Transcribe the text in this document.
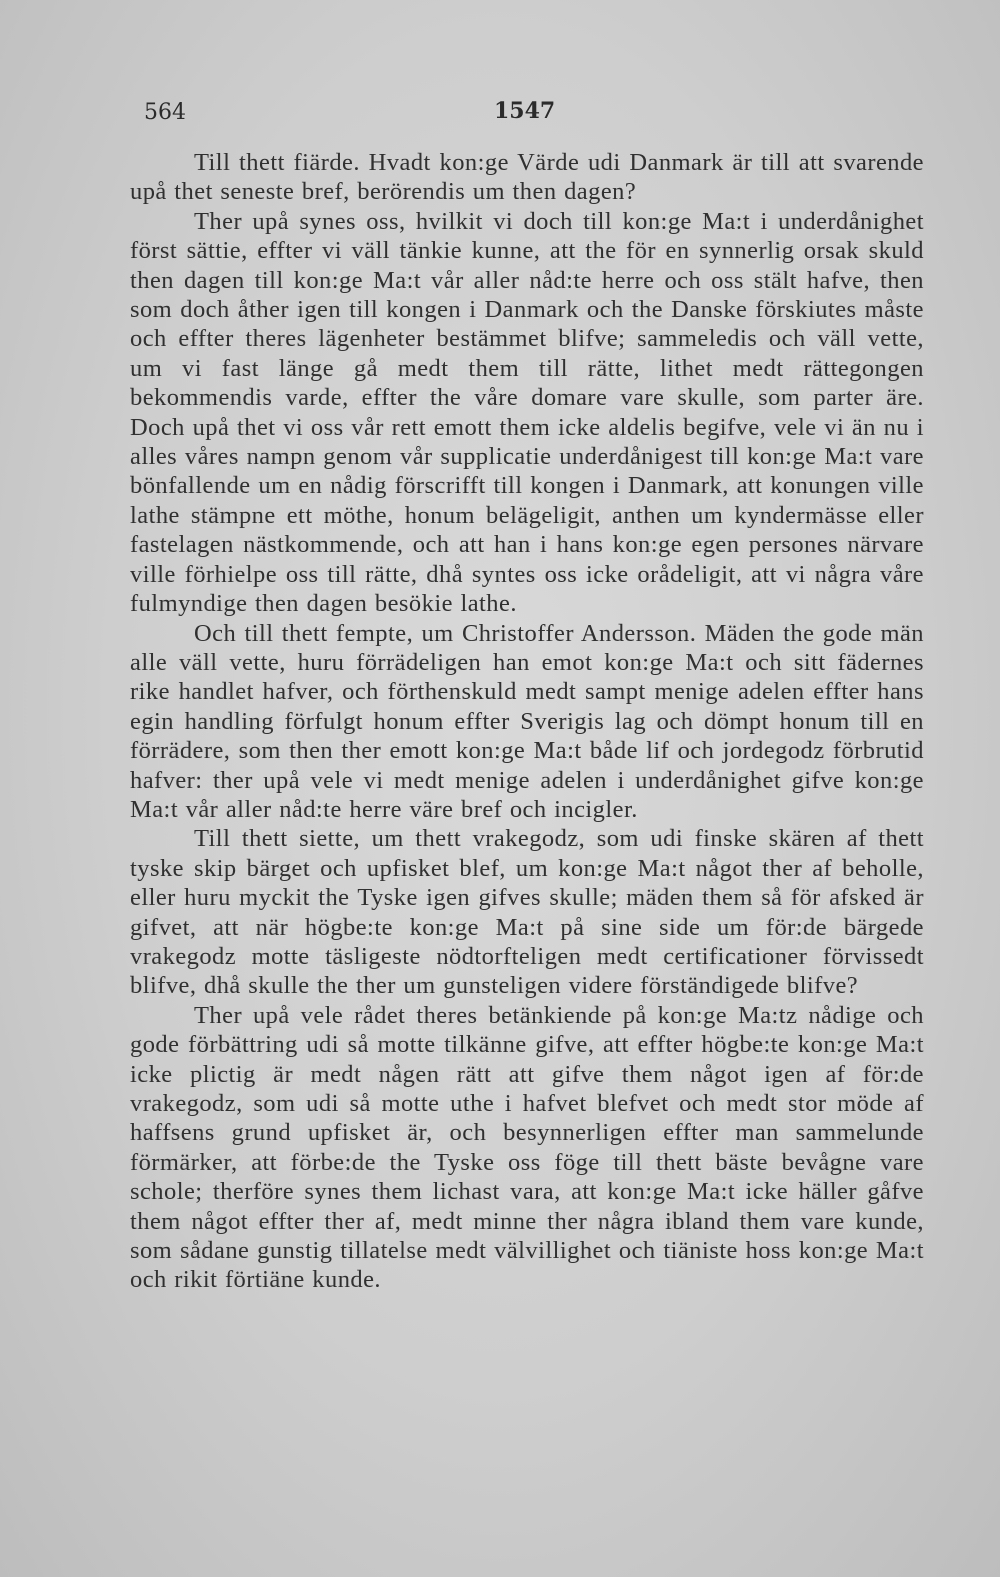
564	1547

Till thett fiärde. Hvadt kon:ge Värde udi Danmark är till att svarende upå thet seneste bref, berörendis um then dagen?

Ther upå synes oss, hvilkit vi doch till kon:ge Ma:t i underdånighet först sättie, effter vi väll tänkie kunne, att the för en synnerlig orsak skuld then dagen till kon:ge Ma:t vår aller nåd:te herre och oss stält hafve, then som doch åther igen till kongen i Danmark och the Danske förskiutes måste och effter theres lägenheter bestämmet blifve; sammeledis och väll vette, um vi fast länge gå medt them till rätte, lithet medt rättegongen bekommendis varde, effter the våre domare vare skulle, som parter äre. Doch upå thet vi oss vår rett emott them icke aldelis begifve, vele vi än nu i alles våres nampn genom vår supplicatie underdånigest till kon:ge Ma:t vare bönfallende um en nådig förscrifft till kongen i Danmark, att konungen ville lathe stämpne ett möthe, honum belägeligit, anthen um kyndermässe eller fastelagen nästkommende, och att han i hans kon:ge egen persones närvare ville förhielpe oss till rätte, dhå syntes oss icke orådeligit, att vi några våre fulmyndige then dagen besökie lathe.

Och till thett fempte, um Christoffer Andersson. Mäden the gode män alle väll vette, huru förrädeligen han emot kon:ge Ma:t och sitt fädernes rike handlet hafver, och förthenskuld medt sampt menige adelen effter hans egin handling förfulgt honum effter Sverigis lag och dömpt honum till en förrädere, som then ther emott kon:ge Ma:t både lif och jordegodz förbrutid hafver: ther upå vele vi medt menige adelen i underdånighet gifve kon:ge Ma:t vår aller nåd:te herre väre bref och incigler.

Till thett siette, um thett vrakegodz, som udi finske skären af thett tyske skip bärget och upfisket blef, um kon:ge Ma:t något ther af beholle, eller huru myckit the Tyske igen gifves skulle; mäden them så för afsked är gifvet, att när högbe:te kon:ge Ma:t på sine side um för:de bärgede vrakegodz motte täsligeste nödtorfteligen medt certificationer förvissedt blifve, dhå skulle the ther um gunsteligen videre förständigede blifve?

Ther upå vele rådet theres betänkiende på kon:ge Ma:tz nådige och gode förbättring udi så motte tilkänne gifve, att effter högbe:te kon:ge Ma:t icke plictig är medt någen rätt att gifve them något igen af för:de vrakegodz, som udi så motte uthe i hafvet blefvet och medt stor möde af haffsens grund upfisket är, och besynnerligen effter man sammelunde förmärker, att förbe:de the Tyske oss föge till thett bäste bevågne vare schole; therföre synes them lichast vara, att kon:ge Ma:t icke häller gåfve them något effter ther af, medt minne ther några ibland them vare kunde, som sådane gunstig tillatelse medt välvillighet och tiäniste hoss kon:ge Ma:t och rikit förtiäne kunde.
